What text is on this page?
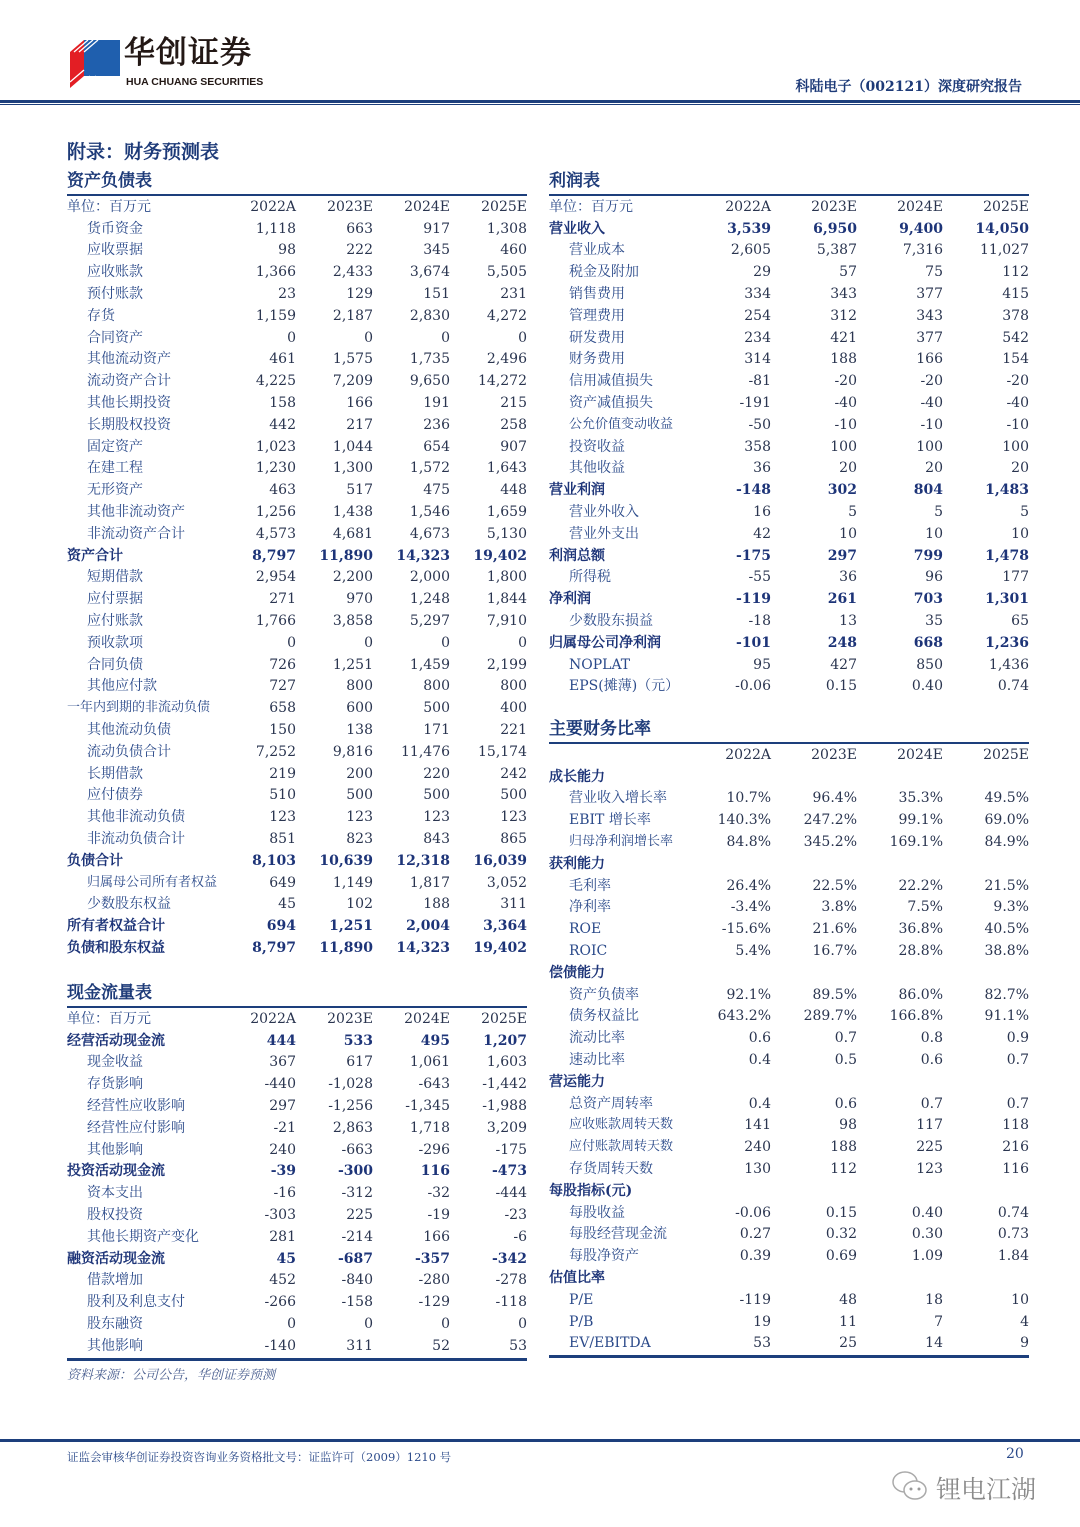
华创证券
HUA CHUANG SECURITIES	科陆电子（002121）深度研究报告
附录：财务预测表
资产负债表
单位：百万元	2022A	2023E	2024E	2025E
货币资金	1,118	663	917	1,308
应收票据	98	222	345	460
应收账款	1,366	2,433	3,674	5,505
预付账款	23	129	151	231
存货	1,159	2,187	2,830	4,272
合同资产	0	0	0	0
其他流动资产	461	1,575	1,735	2,496
流动资产合计	4,225	7,209	9,650	14,272
其他长期投资	158	166	191	215
长期股权投资	442	217	236	258
固定资产	1,023	1,044	654	907
在建工程	1,230	1,300	1,572	1,643
无形资产	463	517	475	448
其他非流动资产	1,256	1,438	1,546	1,659
非流动资产合计	4,573	4,681	4,673	5,130
资产合计	8,797	11,890	14,323	19,402
短期借款	2,954	2,200	2,000	1,800
应付票据	271	970	1,248	1,844
应付账款	1,766	3,858	5,297	7,910
预收款项	0	0	0	0
合同负债	726	1,251	1,459	2,199
其他应付款	727	800	800	800
一年内到期的非流动负债	658	600	500	400
其他流动负债	150	138	171	221
流动负债合计	7,252	9,816	11,476	15,174
长期借款	219	200	220	242
应付债券	510	500	500	500
其他非流动负债	123	123	123	123
非流动负债合计	851	823	843	865
负债合计	8,103	10,639	12,318	16,039
归属母公司所有者权益	649	1,149	1,817	3,052
少数股东权益	45	102	188	311
所有者权益合计	694	1,251	2,004	3,364
负债和股东权益	8,797	11,890	14,323	19,402
现金流量表
单位：百万元	2022A	2023E	2024E	2025E
经营活动现金流	444	533	495	1,207
现金收益	367	617	1,061	1,603
存货影响	-440	-1,028	-643	-1,442
经营性应收影响	297	-1,256	-1,345	-1,988
经营性应付影响	-21	2,863	1,718	3,209
其他影响	240	-663	-296	-175
投资活动现金流	-39	-300	116	-473
资本支出	-16	-312	-32	-444
股权投资	-303	225	-19	-23
其他长期资产变化	281	-214	166	-6
融资活动现金流	45	-687	-357	-342
借款增加	452	-840	-280	-278
股利及利息支付	-266	-158	-129	-118
股东融资	0	0	0	0
其他影响	-140	311	52	53
利润表
单位：百万元	2022A	2023E	2024E	2025E
营业收入	3,539	6,950	9,400	14,050
营业成本	2,605	5,387	7,316	11,027
税金及附加	29	57	75	112
销售费用	334	343	377	415
管理费用	254	312	343	378
研发费用	234	421	377	542
财务费用	314	188	166	154
信用减值损失	-81	-20	-20	-20
资产减值损失	-191	-40	-40	-40
公允价值变动收益	-50	-10	-10	-10
投资收益	358	100	100	100
其他收益	36	20	20	20
营业利润	-148	302	804	1,483
营业外收入	16	5	5	5
营业外支出	42	10	10	10
利润总额	-175	297	799	1,478
所得税	-55	36	96	177
净利润	-119	261	703	1,301
少数股东损益	-18	13	35	65
归属母公司净利润	-101	248	668	1,236
NOPLAT	95	427	850	1,436
EPS(摊薄)（元）	-0.06	0.15	0.40	0.74
主要财务比率
2022A	2023E	2024E	2025E
成长能力
营业收入增长率	10.7%	96.4%	35.3%	49.5%
EBIT 增长率	140.3%	247.2%	99.1%	69.0%
归母净利润增长率	84.8%	345.2%	169.1%	84.9%
获利能力
毛利率	26.4%	22.5%	22.2%	21.5%
净利率	-3.4%	3.8%	7.5%	9.3%
ROE	-15.6%	21.6%	36.8%	40.5%
ROIC	5.4%	16.7%	28.8%	38.8%
偿债能力
资产负债率	92.1%	89.5%	86.0%	82.7%
债务权益比	643.2%	289.7%	166.8%	91.1%
流动比率	0.6	0.7	0.8	0.9
速动比率	0.4	0.5	0.6	0.7
营运能力
总资产周转率	0.4	0.6	0.7	0.7
应收账款周转天数	141	98	117	118
应付账款周转天数	240	188	225	216
存货周转天数	130	112	123	116
每股指标(元)
每股收益	-0.06	0.15	0.40	0.74
每股经营现金流	0.27	0.32	0.30	0.73
每股净资产	0.39	0.69	1.09	1.84
估值比率
P/E	-119	48	18	10
P/B	19	11	7	4
EV/EBITDA	53	25	14	9
资料来源：公司公告，华创证券预测
证监会审核华创证券投资咨询业务资格批文号：证监许可（2009）1210 号	20
锂电江湖
